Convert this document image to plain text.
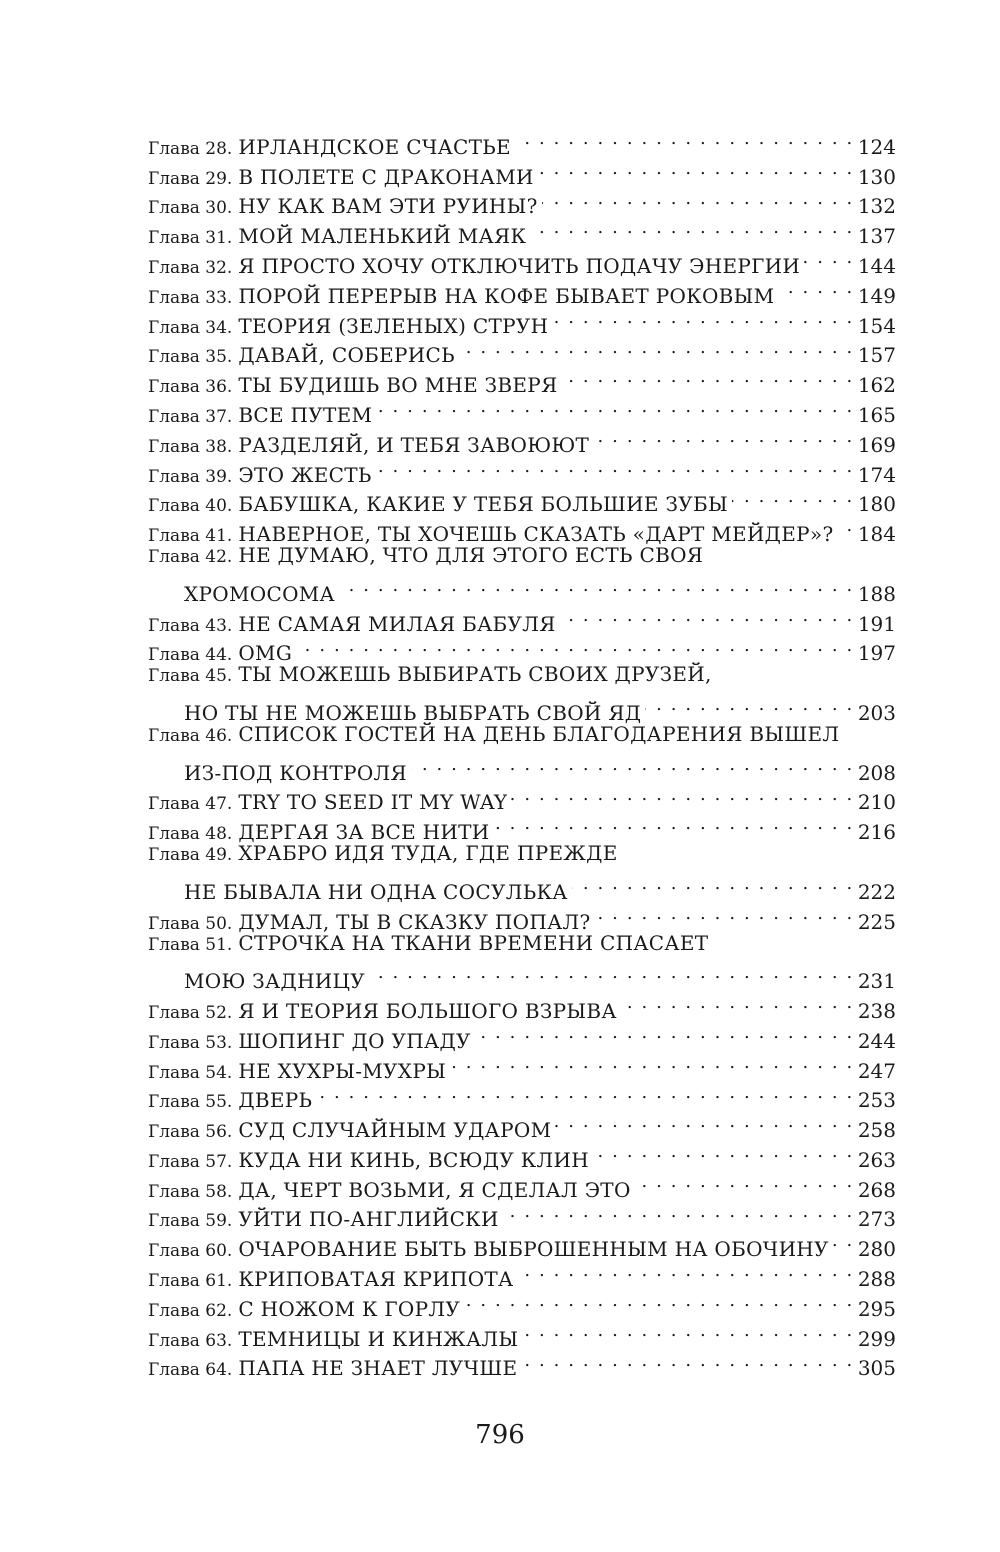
Глава 28. ИРЛАНДСКОЕ СЧАСТЬЕ . . .	124
Глава 29. В ПОЛЕТЕ С ДРАКОНАМИ . . .	130
Глава 30. НУ КАК ВАМ ЭТИ РУИНЫ? . . .	132
Глава 31. МОЙ МАЛЕНЬКИЙ МАЯК . . .	137
Глава 32. Я ПРОСТО ХОЧУ ОТКЛЮЧИТЬ ПОДАЧУ ЭНЕРГИИ . . .	144
Глава 33. ПОРОЙ ПЕРЕРЫВ НА КОФЕ БЫВАЕТ РОКОВЫМ . . .	149
Глава 34. ТЕОРИЯ (ЗЕЛЕНЫХ) СТРУН . . .	154
Глава 35. ДАВАЙ, СОБЕРИСЬ . . .	157
Глава 36. ТЫ БУДИШЬ ВО МНЕ ЗВЕРЯ . . .	162
Глава 37. ВСЕ ПУТЕМ . . .	165
Глава 38. РАЗДЕЛЯЙ, И ТЕБЯ ЗАВОЮЮТ . . .	169
Глава 39. ЭТО ЖЕСТЬ . . .	174
Глава 40. БАБУШКА, КАКИЕ У ТЕБЯ БОЛЬШИЕ ЗУБЫ . . .	180
Глава 41. НАВЕРНОЕ, ТЫ ХОЧЕШЬ СКАЗАТЬ «ДАРТ МЕЙДЕР»? . . . 184
Глава 42. НЕ ДУМАЮ, ЧТО ДЛЯ ЭТОГО ЕСТЬ СВОЯ
ХРОМОСОМА . . .	188
Глава 43. НЕ САМАЯ МИЛАЯ БАБУЛЯ . . .	191
Глава 44. OMG . . .	197
Глава 45. ТЫ МОЖЕШЬ ВЫБИРАТЬ СВОИХ ДРУЗЕЙ,
НО ТЫ НЕ МОЖЕШЬ ВЫБРАТЬ СВОЙ ЯД . . .	203
Глава 46. СПИСОК ГОСТЕЙ НА ДЕНЬ БЛАГОДАРЕНИЯ ВЫШЕЛ
ИЗ-ПОД КОНТРОЛЯ . . .	208
Глава 47. TRY TO SEED IT MY WAY . . .	210
Глава 48. ДЕРГАЯ ЗА ВСЕ НИТИ . . .	216
Глава 49. ХРАБРО ИДЯ ТУДА, ГДЕ ПРЕЖДЕ
НЕ БЫВАЛА НИ ОДНА СОСУЛЬКА . . .	222
Глава 50. ДУМАЛ, ТЫ В СКАЗКУ ПОПАЛ? . . .	225
Глава 51. СТРОЧКА НА ТКАНИ ВРЕМЕНИ СПАСАЕТ
МОЮ ЗАДНИЦУ . . .	231
Глава 52. Я И ТЕОРИЯ БОЛЬШОГО ВЗРЫВА . . .	238
Глава 53. ШОПИНГ ДО УПАДУ . . .	244
Глава 54. НЕ ХУХРЫ-МУХРЫ . . .	247
Глава 55. ДВЕРЬ . . .	253
Глава 56. СУД СЛУЧАЙНЫМ УДАРОМ . . .	258
Глава 57. КУДА НИ КИНЬ, ВСЮДУ КЛИН . . .	263
Глава 58. ДА, ЧЕРТ ВОЗЬМИ, Я СДЕЛАЛ ЭТО . . .	268
Глава 59. УЙТИ ПО-АНГЛИЙСКИ . . .	273
Глава 60. ОЧАРОВАНИЕ БЫТЬ ВЫБРОШЕННЫМ НА ОБОЧИНУ . . . 280
Глава 61. КРИПОВАТАЯ КРИПОТА . . .	288
Глава 62. С НОЖОМ К ГОРЛУ . . .	295
Глава 63. ТЕМНИЦЫ И КИНЖАЛЫ . . .	299
Глава 64. ПАПА НЕ ЗНАЕТ ЛУЧШЕ . . .	305
796
